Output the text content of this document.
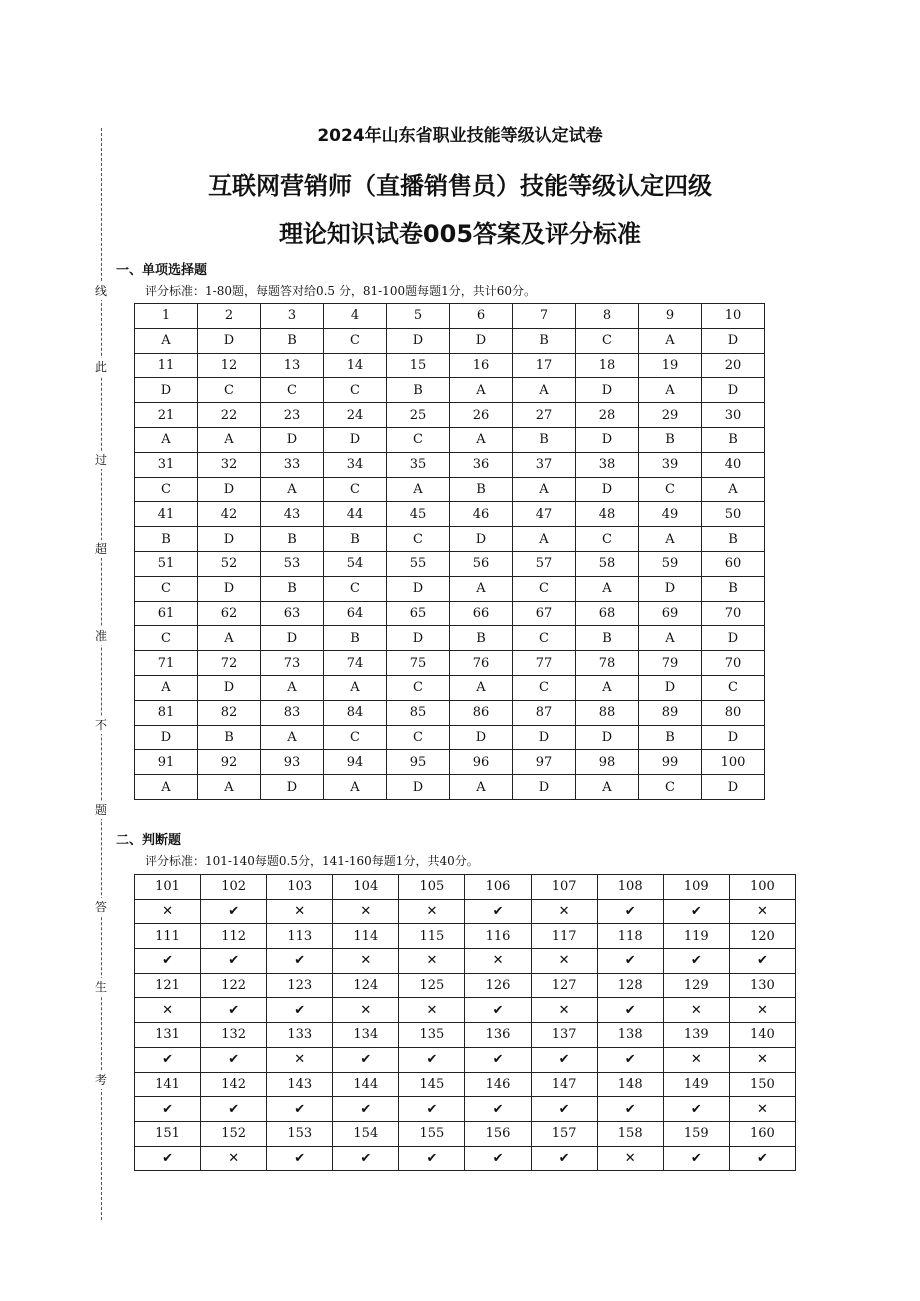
线
此
过
超
准
不
题
答
生
考
2024年山东省职业技能等级认定试卷
互联网营销师（直播销售员）技能等级认定四级
理论知识试卷005答案及评分标准
一、单项选择题
评分标准：1-80题，每题答对给0.5 分，81-100题每题1分，共计60分。
1	2	3	4	5	6	7	8	9	10
A	D	B	C	D	D	B	C	A	D
11	12	13	14	15	16	17	18	19	20
D	C	C	C	B	A	A	D	A	D
21	22	23	24	25	26	27	28	29	30
A	A	D	D	C	A	B	D	B	B
31	32	33	34	35	36	37	38	39	40
C	D	A	C	A	B	A	D	C	A
41	42	43	44	45	46	47	48	49	50
B	D	B	B	C	D	A	C	A	B
51	52	53	54	55	56	57	58	59	60
C	D	B	C	D	A	C	A	D	B
61	62	63	64	65	66	67	68	69	70
C	A	D	B	D	B	C	B	A	D
71	72	73	74	75	76	77	78	79	70
A	D	A	A	C	A	C	A	D	C
81	82	83	84	85	86	87	88	89	80
D	B	A	C	C	D	D	D	B	D
91	92	93	94	95	96	97	98	99	100
A	A	D	A	D	A	D	A	C	D
二、判断题
评分标准：101-140每题0.5分，141-160每题1分，共40分。
101	102	103	104	105	106	107	108	109	100
✕	✔	✕	✕	✕	✔	✕	✔	✔	✕
111	112	113	114	115	116	117	118	119	120
✔	✔	✔	✕	✕	✕	✕	✔	✔	✔
121	122	123	124	125	126	127	128	129	130
✕	✔	✔	✕	✕	✔	✕	✔	✕	✕
131	132	133	134	135	136	137	138	139	140
✔	✔	✕	✔	✔	✔	✔	✔	✕	✕
141	142	143	144	145	146	147	148	149	150
✔	✔	✔	✔	✔	✔	✔	✔	✔	✕
151	152	153	154	155	156	157	158	159	160
✔	✕	✔	✔	✔	✔	✔	✕	✔	✔
